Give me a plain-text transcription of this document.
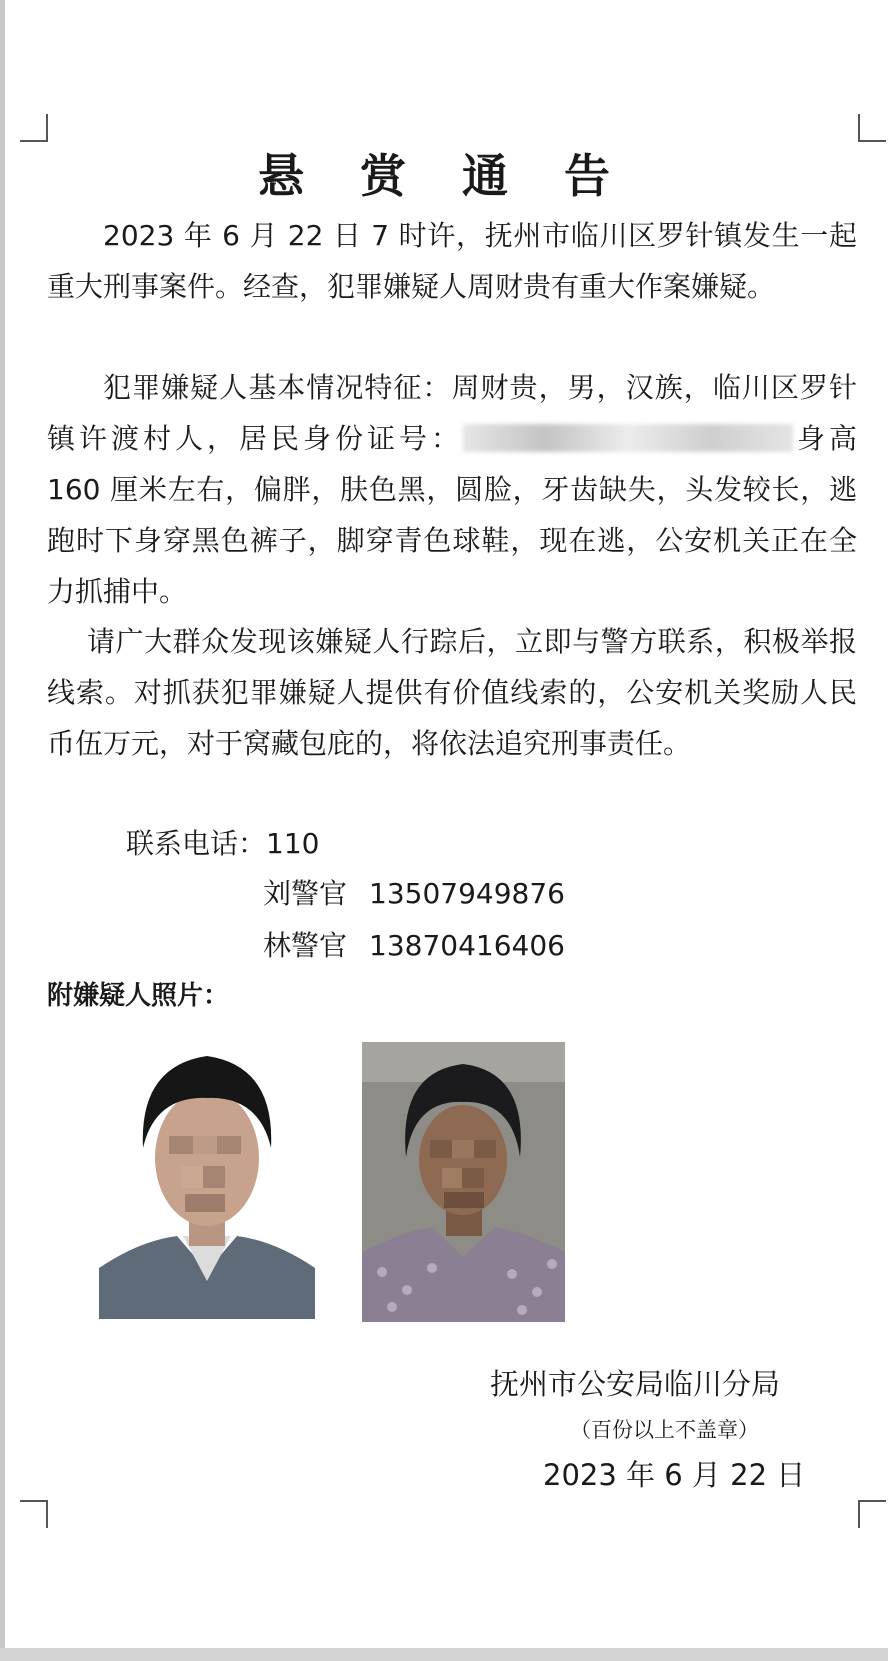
悬 赏 通 告

2023 年 6 月 22 日 7 时许，抚州市临川区罗针镇发生一起重大刑事案件。经查，犯罪嫌疑人周财贵有重大作案嫌疑。

犯罪嫌疑人基本情况特征：周财贵，男，汉族，临川区罗针镇许渡村人，居民身份证号：	身高 160 厘米左右，偏胖，肤色黑，圆脸，牙齿缺失，头发较长，逃跑时下身穿黑色裤子，脚穿青色球鞋，现在逃，公安机关正在全力抓捕中。

请广大群众发现该嫌疑人行踪后，立即与警方联系，积极举报线索。对抓获犯罪嫌疑人提供有价值线索的，公安机关奖励人民币伍万元，对于窝藏包庇的，将依法追究刑事责任。

联系电话：110
刘警官 13507949876
林警官 13870416406
附嫌疑人照片：
抚州市公安局临川分局
（百份以上不盖章）
2023 年 6 月 22 日
